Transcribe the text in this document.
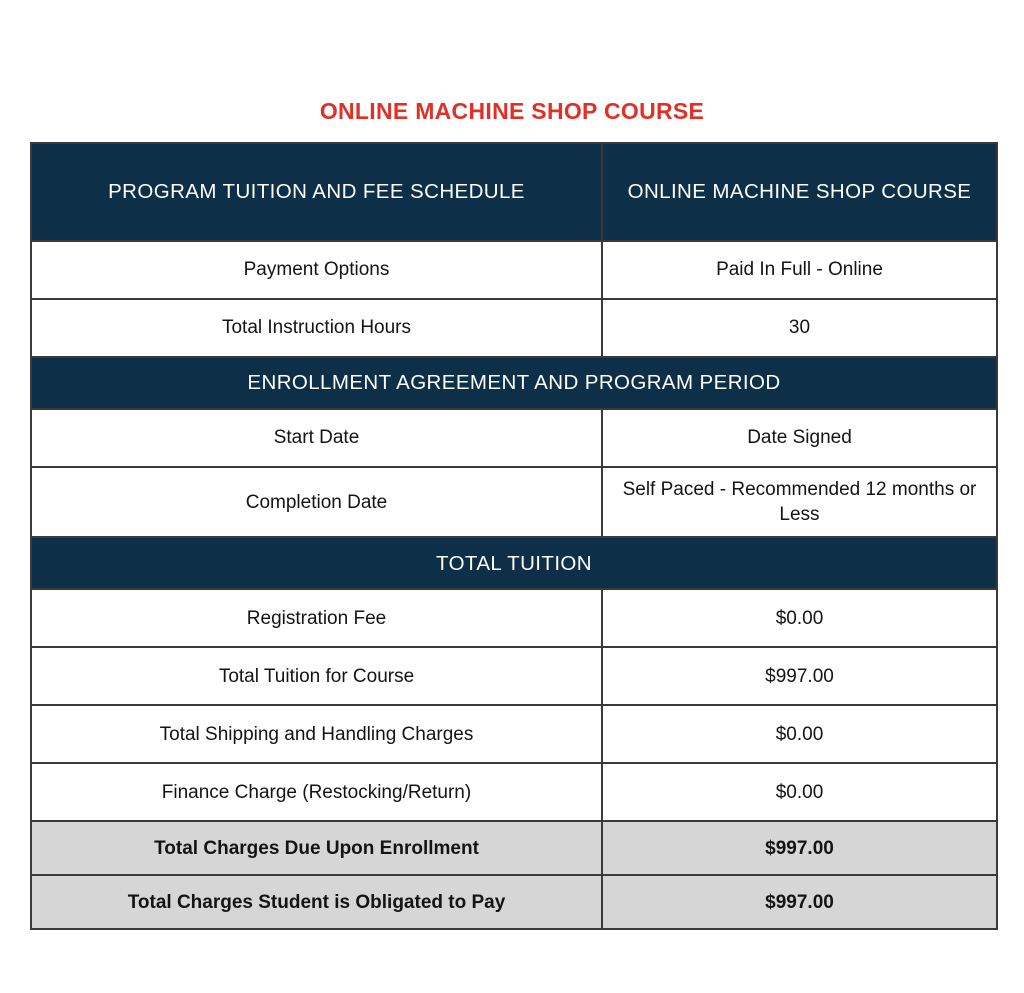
ONLINE MACHINE SHOP COURSE
PROGRAM TUITION AND FEE SCHEDULE	ONLINE MACHINE SHOP COURSE
Payment Options	Paid In Full - Online
Total Instruction Hours	30
ENROLLMENT AGREEMENT AND PROGRAM PERIOD	
Start Date	Date Signed
Completion Date	Self Paced - Recommended 12 months or Less
TOTAL TUITION	
Registration Fee	$0.00
Total Tuition for Course	$997.00
Total Shipping and Handling Charges	$0.00
Finance Charge (Restocking/Return)	$0.00
Total Charges Due Upon Enrollment	$997.00
Total Charges Student is Obligated to Pay	$997.00
